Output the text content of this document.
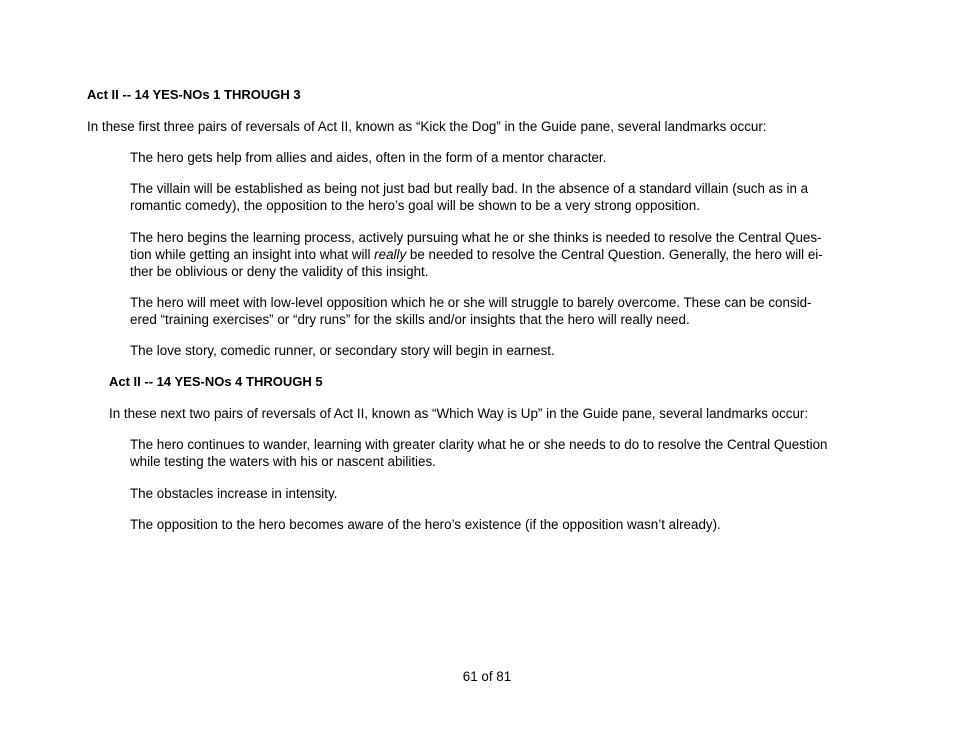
Act II -- 14 YES-NOs 1 THROUGH 3
In these first three pairs of reversals of Act II, known as “Kick the Dog” in the Guide pane, several landmarks occur:
The hero gets help from allies and aides, often in the form of a mentor character.
The villain will be established as being not just bad but really bad. In the absence of a standard villain (such as in a
romantic comedy), the opposition to the hero’s goal will be shown to be a very strong opposition.
The hero begins the learning process, actively pursuing what he or she thinks is needed to resolve the Central Ques-
tion while getting an insight into what will really be needed to resolve the Central Question. Generally, the hero will ei-
ther be oblivious or deny the validity of this insight.
The hero will meet with low-level opposition which he or she will struggle to barely overcome. These can be consid-
ered “training exercises” or “dry runs” for the skills and/or insights that the hero will really need.
The love story, comedic runner, or secondary story will begin in earnest.
Act II -- 14 YES-NOs 4 THROUGH 5
In these next two pairs of reversals of Act II, known as “Which Way is Up” in the Guide pane, several landmarks occur:
The hero continues to wander, learning with greater clarity what he or she needs to do to resolve the Central Question
while testing the waters with his or nascent abilities.
The obstacles increase in intensity.
The opposition to the hero becomes aware of the hero’s existence (if the opposition wasn’t already).
61 of 81
